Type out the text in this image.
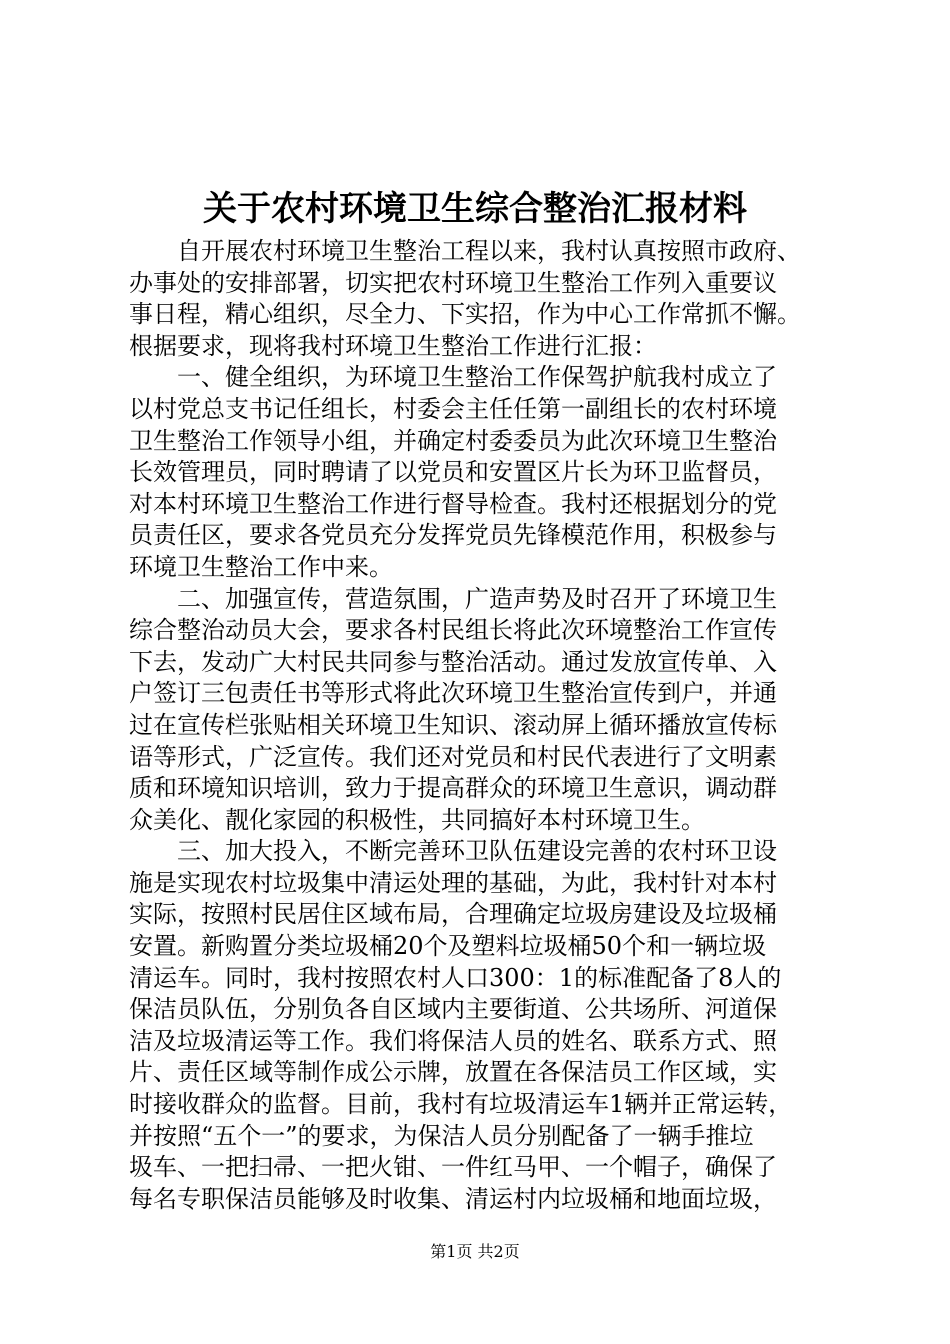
关于农村环境卫生综合整治汇报材料
　　自开展农村环境卫生整治工程以来，我村认真按照市政府、
办事处的安排部署，切实把农村环境卫生整治工作列入重要议
事日程，精心组织，尽全力、下实招，作为中心工作常抓不懈。
根据要求，现将我村环境卫生整治工作进行汇报：
　　一、健全组织，为环境卫生整治工作保驾护航我村成立了
以村党总支书记任组长，村委会主任任第一副组长的农村环境
卫生整治工作领导小组，并确定村委委员为此次环境卫生整治
长效管理员，同时聘请了以党员和安置区片长为环卫监督员，
对本村环境卫生整治工作进行督导检查。我村还根据划分的党
员责任区，要求各党员充分发挥党员先锋模范作用，积极参与
环境卫生整治工作中来。
　　二、加强宣传，营造氛围，广造声势及时召开了环境卫生
综合整治动员大会，要求各村民组长将此次环境整治工作宣传
下去，发动广大村民共同参与整治活动。通过发放宣传单、入
户签订三包责任书等形式将此次环境卫生整治宣传到户，并通
过在宣传栏张贴相关环境卫生知识、滚动屏上循环播放宣传标
语等形式，广泛宣传。我们还对党员和村民代表进行了文明素
质和环境知识培训，致力于提高群众的环境卫生意识，调动群
众美化、靓化家园的积极性，共同搞好本村环境卫生。
　　三、加大投入，不断完善环卫队伍建设完善的农村环卫设
施是实现农村垃圾集中清运处理的基础，为此，我村针对本村
实际，按照村民居住区域布局，合理确定垃圾房建设及垃圾桶
安置。新购置分类垃圾桶20个及塑料垃圾桶50个和一辆垃圾
清运车。同时，我村按照农村人口300：1的标准配备了8人的
保洁员队伍，分别负各自区域内主要街道、公共场所、河道保
洁及垃圾清运等工作。我们将保洁人员的姓名、联系方式、照
片、责任区域等制作成公示牌，放置在各保洁员工作区域，实
时接收群众的监督。目前，我村有垃圾清运车1辆并正常运转，
并按照“五个一”的要求，为保洁人员分别配备了一辆手推垃
圾车、一把扫帚、一把火钳、一件红马甲、一个帽子，确保了
每名专职保洁员能够及时收集、清运村内垃圾桶和地面垃圾，
第1页 共2页
